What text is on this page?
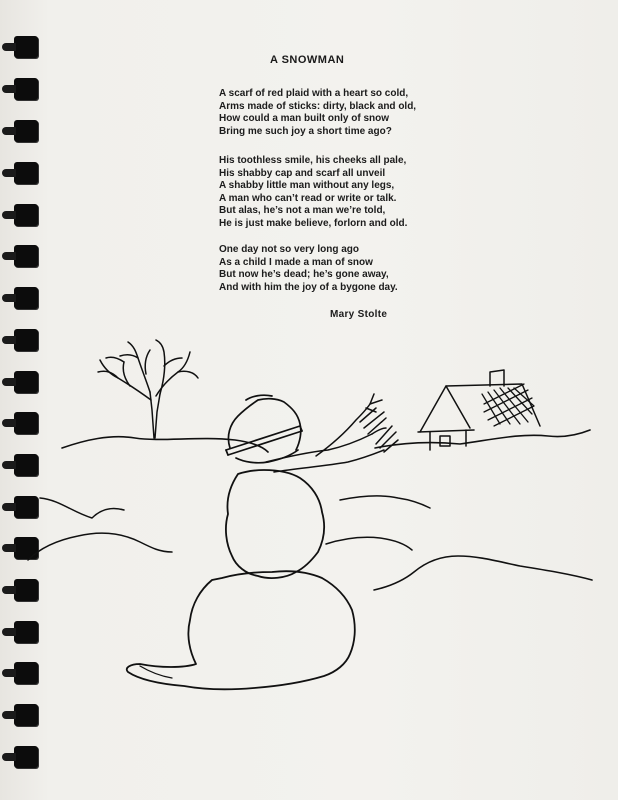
A SNOWMAN
A scarf of red plaid with a heart so cold,
Arms made of sticks: dirty, black and old,
How could a man built only of snow
Bring me such joy a short time ago?
His toothless smile, his cheeks all pale,
His shabby cap and scarf all unveil
A shabby little man without any legs,
A man who can’t read or write or talk.
But alas, he’s not a man we’re told,
He is just make believe, forlorn and old.
One day not so very long ago
As a child I made a man of snow
But now he’s dead; he’s gone away,
And with him the joy of a bygone day.
Mary Stolte
